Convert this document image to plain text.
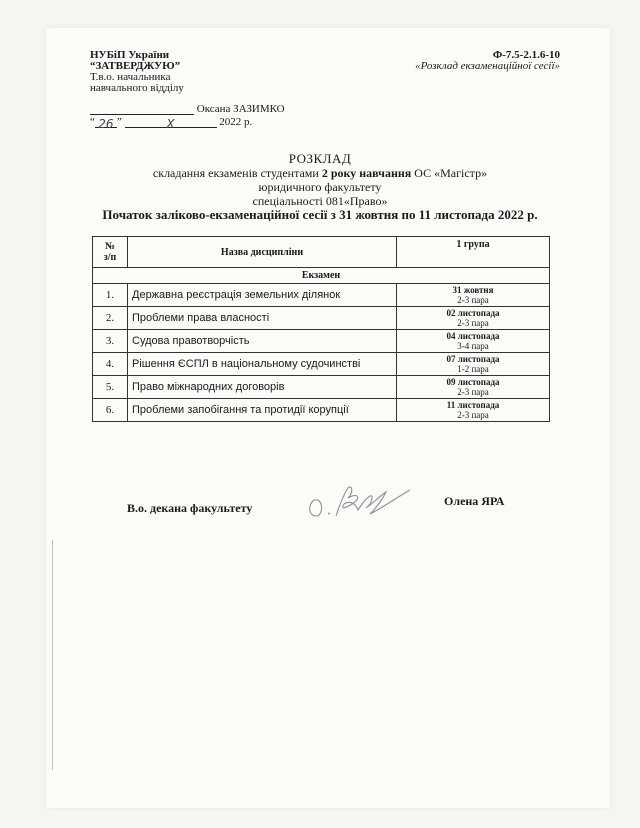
НУБіП України
“ЗАТВЕРДЖУЮ”
Т.в.о. начальника
навчального відділу
Оксана ЗАЗИМКО
“ 26 ”	X	2022 р.
Ф-7.5-2.1.6-10
«Розклад екзаменаційної сесії»
РОЗКЛАД
складання екзаменів студентами 2 року навчання ОС «Магістр»
юридичного факультету
спеціальності 081«Право»
Початок заліково-екзаменаційної сесії з 31 жовтня по 11 листопада 2022 р.
№
з/п	Назва дисципліни	1 група
Екзамен		
1.	Державна реєстрація земельних ділянок	31 жовтня
2-3 пара

2.	Проблеми права власності	02 листопада
2-3 пара

3.	Судова правотворчість	04 листопада
3-4 пара

4.	Рішення ЄСПЛ в національному судочинстві	07 листопада
1-2 пара

5.	Право міжнародних договорів	09 листопада
2-3 пара

6.	Проблеми запобігання та протидії корупції	11 листопада
2-3 пара
В.о. декана факультету	Олена ЯРА
